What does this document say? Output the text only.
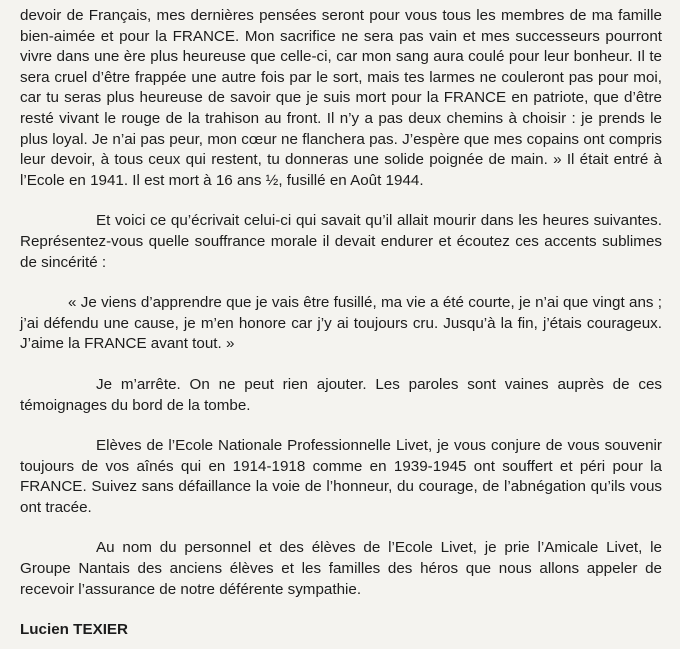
devoir de Français, mes dernières pensées seront pour vous tous les membres de ma famille bien-aimée et pour la FRANCE. Mon sacrifice ne sera pas vain et mes successeurs pourront vivre dans une ère plus heureuse que celle-ci, car mon sang aura coulé pour leur bonheur. Il te sera cruel d’être frappée une autre fois par le sort, mais tes larmes ne couleront pas pour moi, car tu seras plus heureuse de savoir que je suis mort pour la FRANCE en patriote, que d’être resté vivant le rouge de la trahison au front. Il n’y a pas deux chemins à choisir : je prends le plus loyal. Je n’ai pas peur, mon cœur ne flanchera pas. J’espère que mes copains ont compris leur devoir, à tous ceux qui restent, tu donneras une solide poignée de main. » Il était entré à l’Ecole en 1941. Il est mort à 16 ans ½, fusillé en Août 1944.

Et voici ce qu’écrivait celui-ci qui savait qu’il allait mourir dans les heures suivantes. Représentez-vous quelle souffrance morale il devait endurer et écoutez ces accents sublimes de sincérité :

« Je viens d’apprendre que je vais être fusillé, ma vie a été courte, je n’ai que vingt ans ; j’ai défendu une cause, je m’en honore car j’y ai toujours cru. Jusqu’à la fin, j’étais courageux. J’aime la FRANCE avant tout. »

Je m’arrête. On ne peut rien ajouter. Les paroles sont vaines auprès de ces témoignages du bord de la tombe.

Elèves de l’Ecole Nationale Professionnelle Livet, je vous conjure de vous souvenir toujours de vos aînés qui en 1914-1918 comme en 1939-1945 ont souffert et péri pour la FRANCE. Suivez sans défaillance la voie de l’honneur, du courage, de l’abnégation qu’ils vous ont tracée.

Au nom du personnel et des élèves de l’Ecole Livet, je prie l’Amicale Livet, le Groupe Nantais des anciens élèves et les familles des héros que nous allons appeler de recevoir l’assurance de notre déférente sympathie.

Lucien TEXIER
